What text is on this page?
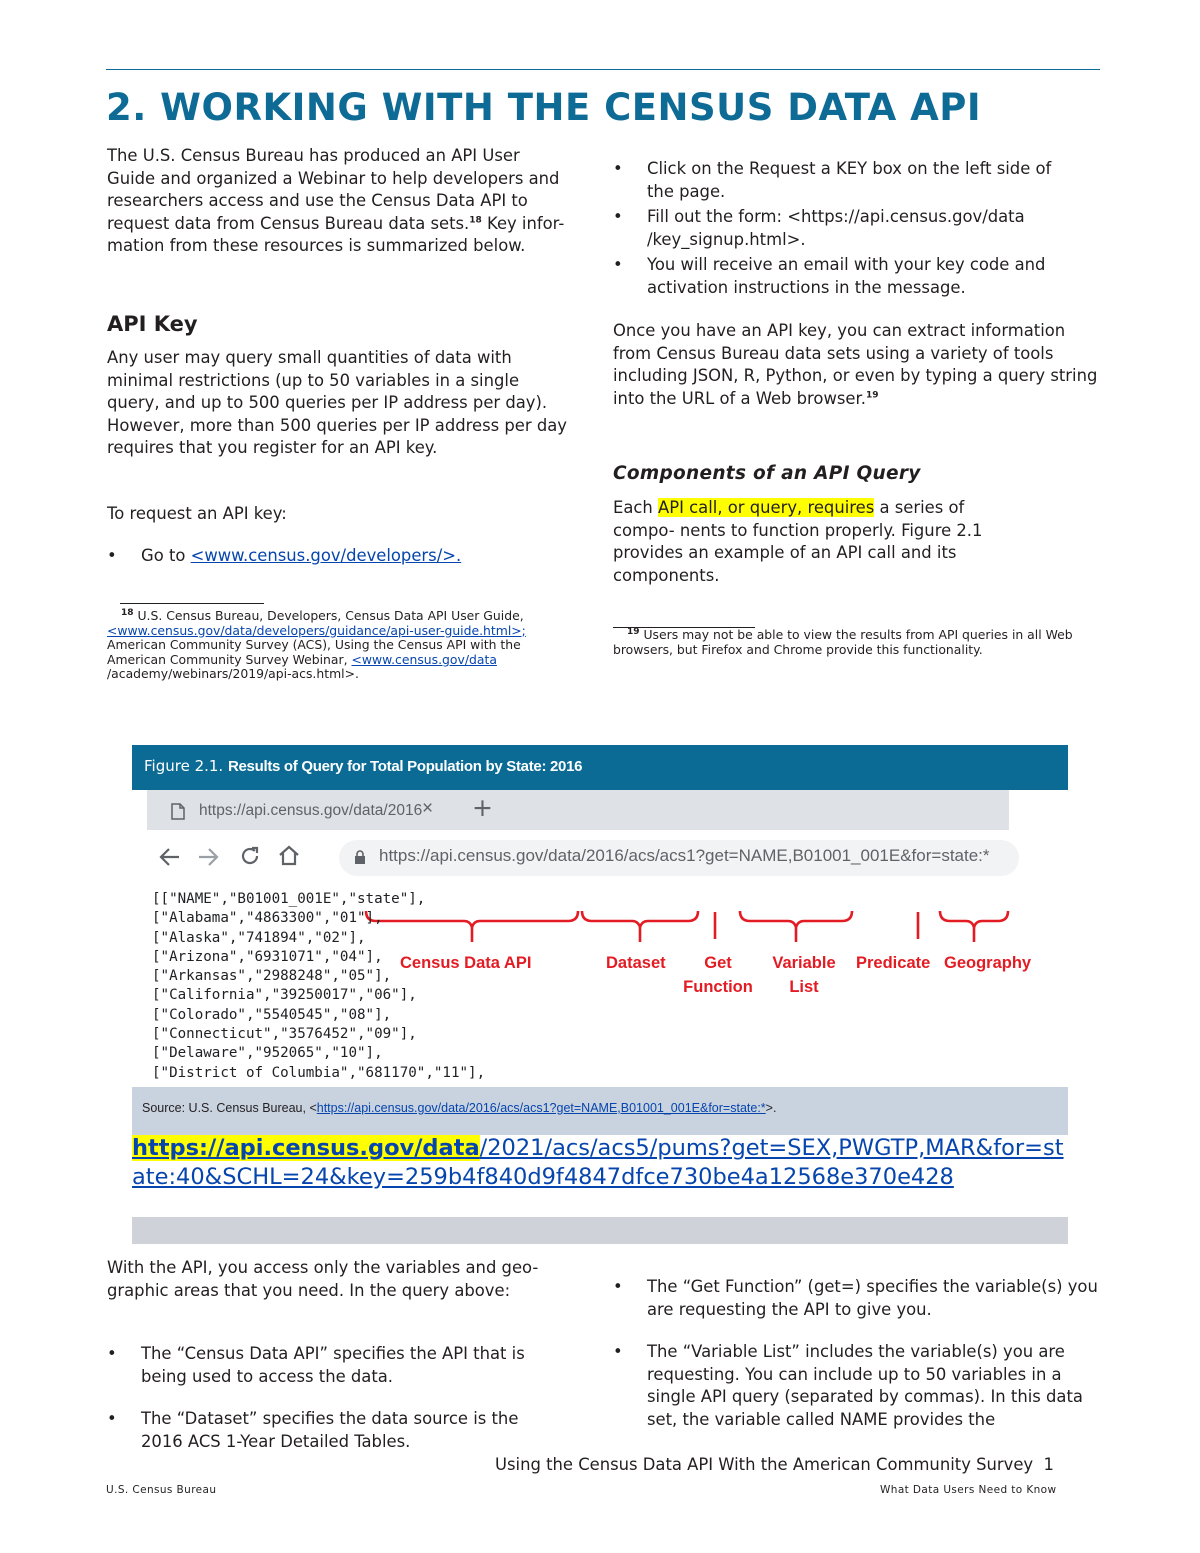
2. WORKING WITH THE CENSUS DATA API

The U.S. Census Bureau has produced an API User Guide and organized a Webinar to help developers and researchers access and use the Census Data API to request data from Census Bureau data sets.$^{18}$ Key infor- mation from these resources is summarized below.

API Key

Any user may query small quantities of data with minimal restrictions (up to 50 variables in a single query, and up to 500 queries per IP address per day). However, more than 500 queries per IP address per day requires that you register for an API key.

To request an API key:

• Go to <www.census.gov/developers/>.
$^{18}$ U.S. Census Bureau, Developers, Census Data API User Guide,
<www.census.gov/data/developers/guidance/api-user-guide.html>;
American Community Survey (ACS), Using the Census API with the American Community Survey Webinar, <www.census.gov/data
/academy/webinars/2019/api-acs.html>.
• Click on the Request a KEY box on the left side of the page.
• Fill out the form: <https://api.census.gov/data /key_signup.html>.
• You will receive an email with your key code and activation instructions in the message.

Once you have an API key, you can extract information from Census Bureau data sets using a variety of tools including JSON, R, Python, or even by typing a query string into the URL of a Web browser.$^{19}$

Components of an API Query

Each API call, or query, requires a series of compo- nents to function properly. Figure 2.1 provides an example of an API call and its components.

$^{19}$ Users may not be able to view the results from API queries in all Web browsers, but Firefox and Chrome provide this functionality.
Figure 2.1. Results of Query for Total Population by State: 2016
https://api.census.gov/data/2016 × +
https://api.census.gov/data/2016/acs/acs1?get=NAME,B01001_001E&for=state:*
[["NAME","B01001_001E","state"],
["Alabama","4863300","01"],
["Alaska","741894","02"],
["Arizona","6931071","04"],
["Arkansas","2988248","05"],
["California","39250017","06"],
["Colorado","5540545","08"],
["Connecticut","3576452","09"],
["Delaware","952065","10"],
["District of Columbia","681170","11"],
Census Data API	Dataset	Get Function
Variable List
Predicate Geography
Source: U.S. Census Bureau, <https://api.census.gov/data/2016/acs/acs1?get=NAME,B01001_001E&for=state:*>.
https://api.census.gov/data/2021/acs/acs5/pums?get=SEX,PWGTP,MAR&for=state:40&SCHL=24&key=259b4f840d9f4847dfce730be4a12568e370e428

With the API, you access only the variables and geo- graphic areas that you need. In the query above:

• The “Census Data API” specifies the API that is being used to access the data.
• The “Dataset” specifies the data source is the 2016 ACS 1-Year Detailed Tables.
• The “Get Function” (get=) specifies the variable(s) you are requesting the API to give you.
• The “Variable List” includes the variable(s) you are requesting. You can include up to 50 variables in a single API query (separated by commas). In this data set, the variable called NAME provides the
Using the Census Data API With the American Community Survey 1
U.S. Census Bureau	What Data Users Need to Know
